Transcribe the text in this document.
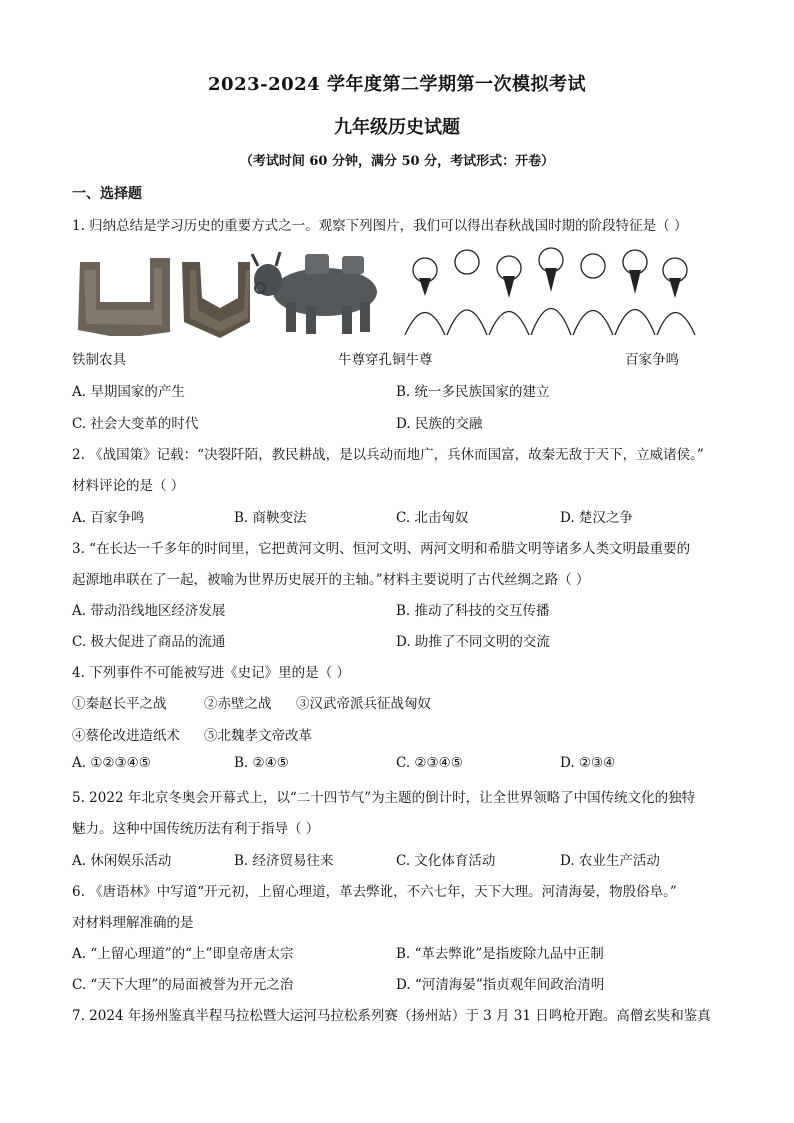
2023-2024 学年度第二学期第一次模拟考试
九年级历史试题
（考试时间 60 分钟，满分 50 分，考试形式：开卷）
一、选择题
1. 归纳总结是学习历史的重要方式之一。观察下列图片，我们可以得出春秋战国时期的阶段特征是（ ）
铁制农具	牛尊穿孔铜牛尊	百家争鸣
A. 早期国家的产生	B. 统一多民族国家的建立
C. 社会大变革的时代	D. 民族的交融
2. 《战国策》记载：“决裂阡陌，教民耕战，是以兵动而地广，兵休而国富，故秦无敌于天下，立威诸侯。”
材料评论的是（ ）
A. 百家争鸣	B. 商鞅变法	C. 北击匈奴	D. 楚汉之争
3. “在长达一千多年的时间里，它把黄河文明、恒河文明、两河文明和希腊文明等诸多人类文明最重要的
起源地串联在了一起，被喻为世界历史展开的主轴。”材料主要说明了古代丝绸之路（ ）
A. 带动沿线地区经济发展	B. 推动了科技的交互传播
C. 极大促进了商品的流通	D. 助推了不同文明的交流
4. 下列事件不可能被写进《史记》里的是（ ）
①秦赵长平之战	②赤壁之战 ③汉武帝派兵征战匈奴
④蔡伦改进造纸术 ⑤北魏孝文帝改革
A. ①②③④⑤	B. ②④⑤	C. ②③④⑤	D. ②③④
5. 2022 年北京冬奥会开幕式上，以“二十四节气”为主题的倒计时，让全世界领略了中国传统文化的独特
魅力。这种中国传统历法有利于指导（ ）
A. 休闲娱乐活动	B. 经济贸易往来	C. 文化体育活动	D. 农业生产活动
6. 《唐语林》中写道“开元初，上留心理道，革去弊讹，不六七年，天下大理。河清海晏，物殷俗阜。”
对材料理解准确的是
A. “上留心理道”的“上”即皇帝唐太宗	B. “革去弊讹”是指废除九品中正制
C. “天下大理”的局面被誉为开元之治	D. “河清海晏”指贞观年间政治清明
7. 2024 年扬州鉴真半程马拉松暨大运河马拉松系列赛（扬州站）于 3 月 31 日鸣枪开跑。高僧玄奘和鉴真
